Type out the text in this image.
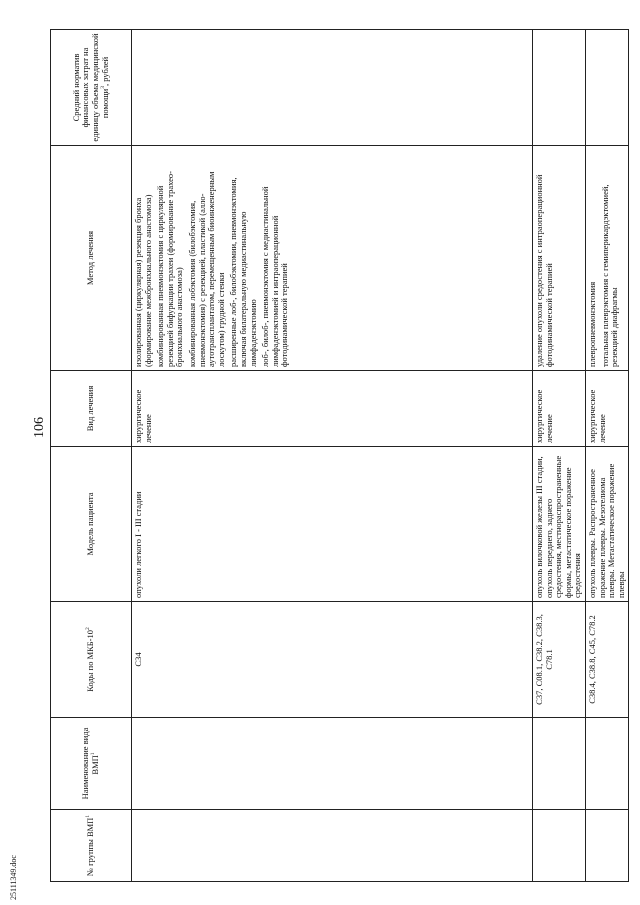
106
№ группы ВМП$^1$	Наименование вида ВМП$^1$	Коды по МКБ-$10^2$	Модель пациента	Вид лечения	Метод лечения	Средний норматив финансовых затрат на единицу объема медицинской помощи$^3$, рублей
		C34	опухоли легкого I - III стадии	хирургическое лечение	изолированная (циркулярная) резекция бронха (формирование межбронхиального анастомоза) комбинированная пневмонэктомия с циркулярной резекцией бифуркации трахеи (формирование трахео-бронхиального анастомоза) комбинированная лобэктомия (билобэктомия, пневмонэктомия) с резекцией, пластикой (алло-аутотрансплантатом, перемещенным биоинженерным лоскутом) грудной стенки расширенные лоб-, билобэктомии, пневмонэктомия, включая билатеральную медиастинальную лимфаденэктомию лоб-, билоб-, пневмонэктомия с медиастинальной лимфаденэктомией и интраоперационной фотодинамической терапией	

		C37, C08.1, C38.2, C38.3, C78.1	опухоль вилочковой железы III стадии, опухоль переднего, заднего средостения, местнораспространенные формы, метастатическое поражение средостения	хирургическое лечение	удаление опухоли средостения с интраоперационной фотодинамической терапией	

		C38.4, C38.8, C45, C78.2	опухоль плевры. Распространенное поражение плевры. Мезотелиома плевры. Метастатическое поражение плевры	хирургическое лечение	плевропневмонэктомия тотальная плеврэктомия с гемиперикардэктомией, резекцией диафрагмы	

25111349.doc
